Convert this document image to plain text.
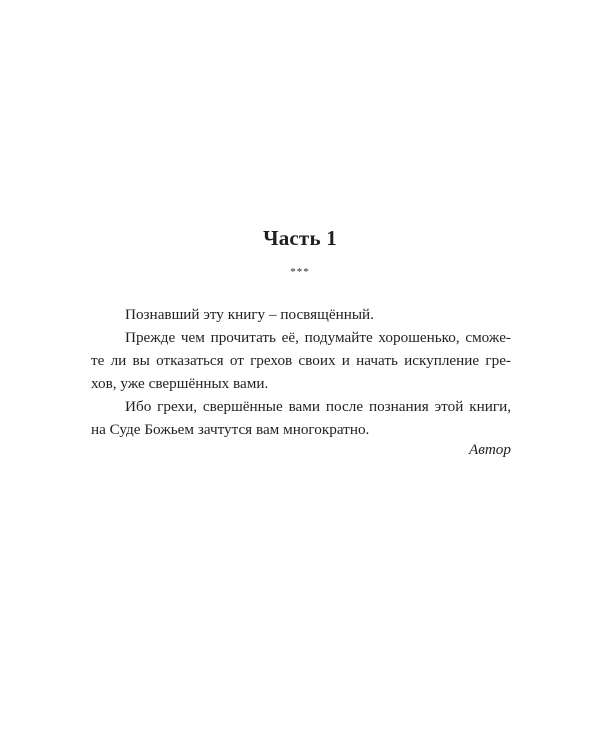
Часть 1
***
Познавший эту книгу – посвящённый.
Прежде чем прочитать её, подумайте хорошенько, сможе-
те ли вы отказаться от грехов своих и начать искупление гре-
хов, уже свершённых вами.
Ибо грехи, свершённые вами после познания этой книги,
на Суде Божьем зачтутся вам многократно.
Автор
